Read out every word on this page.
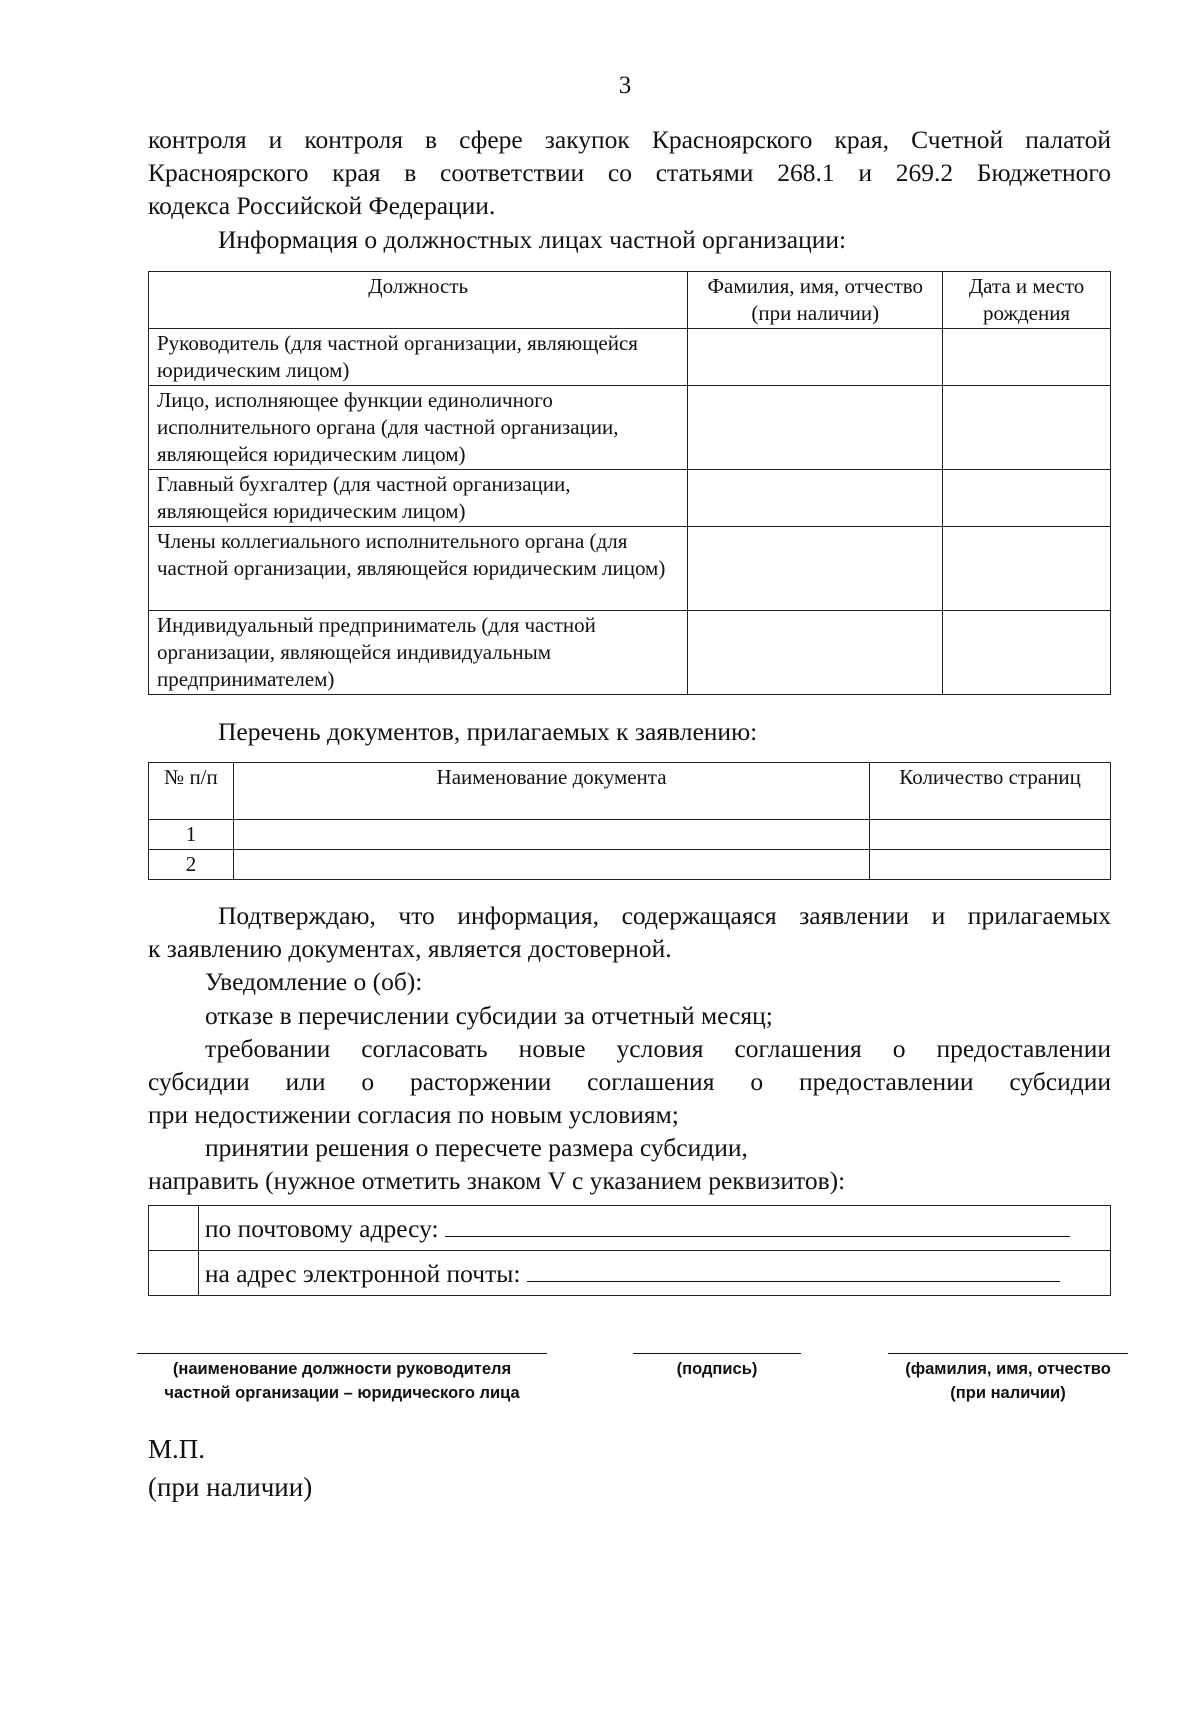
3
контроля и контроля в сфере закупок Красноярского края, Счетной палатой
Красноярского края в соответствии со статьями 268.1 и 269.2 Бюджетного
кодекса Российской Федерации.
Информация о должностных лицах частной организации:
Должность	Фамилия, имя, отчество (при наличии)	Дата и место рождения
Руководитель (для частной организации, являющейся юридическим лицом)		
Лицо, исполняющее функции единоличного исполнительного органа (для частной организации, являющейся юридическим лицом)		
Главный бухгалтер (для частной организации, являющейся юридическим лицом)		
Члены коллегиального исполнительного органа (для частной организации, являющейся юридическим лицом)		
Индивидуальный предприниматель (для частной организации, являющейся индивидуальным предпринимателем)		
Перечень документов, прилагаемых к заявлению:
№ п/п	Наименование документа	Количество страниц
1		
2		
Подтверждаю, что информация, содержащаяся заявлении и прилагаемых
к заявлению документах, является достоверной.
Уведомление о (об):
отказе в перечислении субсидии за отчетный месяц;
требовании согласовать новые условия соглашения о предоставлении
субсидии или о расторжении соглашения о предоставлении субсидии
при недостижении согласия по новым условиям;
принятии решения о пересчете размера субсидии,
направить (нужное отметить знаком V с указанием реквизитов):
	по почтовому адресу:
	на адрес электронной почты:
(наименование должности руководителя
частной организации – юридического лица
(подпись)	(фамилия, имя, отчество
(при наличии)
М.П.
(при наличии)
